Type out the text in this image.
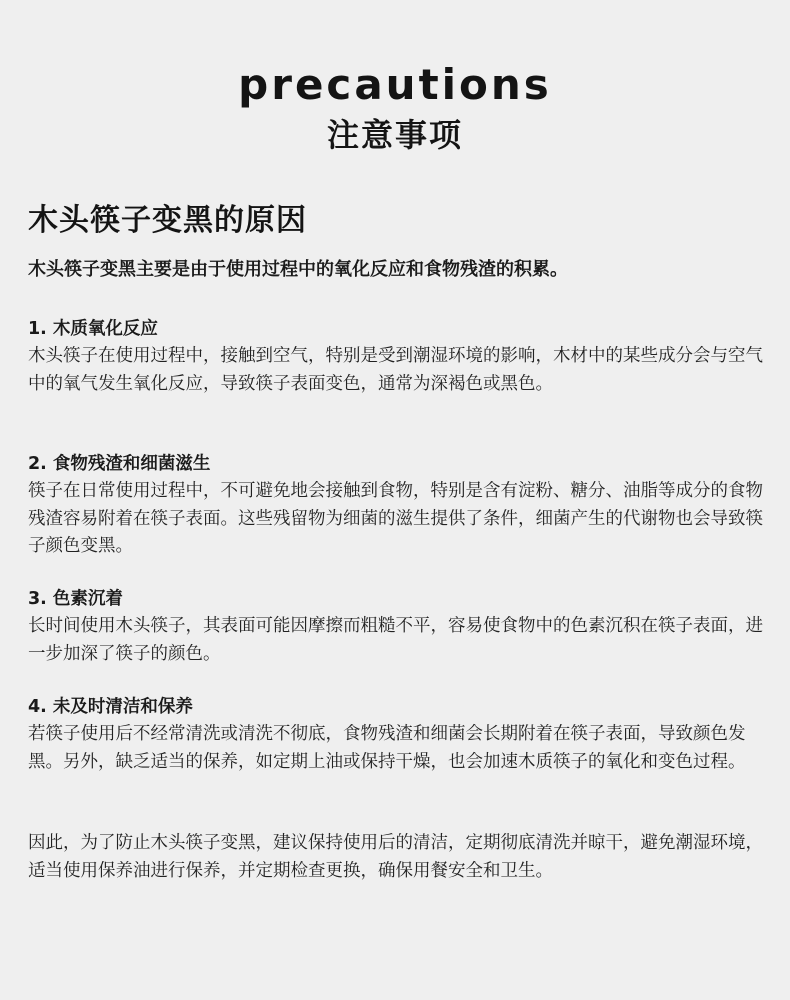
precautions
注意事项
木头筷子变黑的原因
木头筷子变黑主要是由于使用过程中的氧化反应和食物残渣的积累。
1. 木质氧化反应
木头筷子在使用过程中，接触到空气，特别是受到潮湿环境的影响，木材中的某些成分会与空气中的氧气发生氧化反应，导致筷子表面变色，通常为深褐色或黑色。
2. 食物残渣和细菌滋生
筷子在日常使用过程中，不可避免地会接触到食物，特别是含有淀粉、糖分、油脂等成分的食物残渣容易附着在筷子表面。这些残留物为细菌的滋生提供了条件，细菌产生的代谢物也会导致筷子颜色变黑。
3. 色素沉着
长时间使用木头筷子，其表面可能因摩擦而粗糙不平，容易使食物中的色素沉积在筷子表面，进一步加深了筷子的颜色。
4. 未及时清洁和保养
若筷子使用后不经常清洗或清洗不彻底，食物残渣和细菌会长期附着在筷子表面，导致颜色发黑。另外，缺乏适当的保养，如定期上油或保持干燥，也会加速木质筷子的氧化和变色过程。
因此，为了防止木头筷子变黑，建议保持使用后的清洁，定期彻底清洗并晾干，避免潮湿环境，适当使用保养油进行保养，并定期检查更换，确保用餐安全和卫生。
